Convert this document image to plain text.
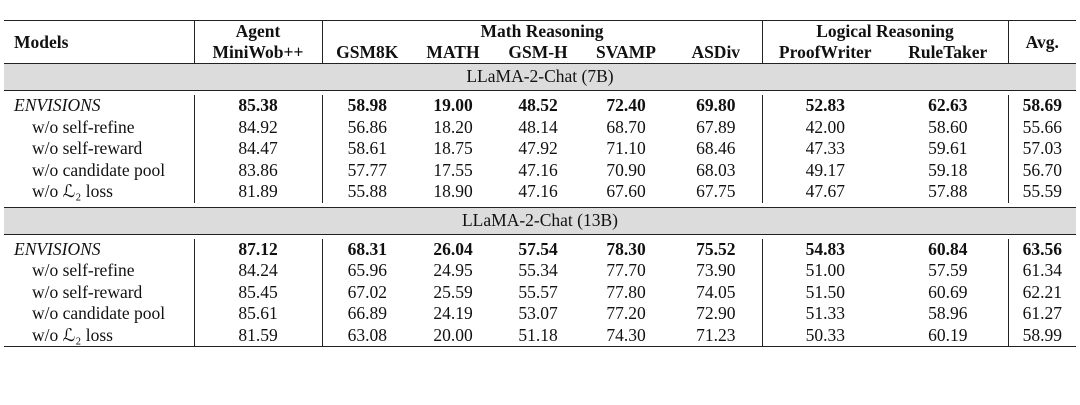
Models	Agent	Math Reasoning					Logical Reasoning		Avg.
	MiniWob++	GSM8K	MATH	GSM-H	SVAMP	ASDiv	ProofWriter	RuleTaker	
LLaMA-2-Chat (7B)									

ENVISIONS	85.38	58.98	19.00	48.52	72.40	69.80	52.83	62.63	58.69
w/o self-refine	84.92	56.86	18.20	48.14	68.70	67.89	42.00	58.60	55.66
w/o self-reward	84.47	58.61	18.75	47.92	71.10	68.46	47.33	59.61	57.03
w/o candidate pool	83.86	57.77	17.55	47.16	70.90	68.03	49.17	59.18	56.70
w/o ℒ₂ loss	81.89	55.88	18.90	47.16	67.60	67.75	47.67	57.88	55.59

LLaMA-2-Chat (13B)									

ENVISIONS	87.12	68.31	26.04	57.54	78.30	75.52	54.83	60.84	63.56
w/o self-refine	84.24	65.96	24.95	55.34	77.70	73.90	51.00	57.59	61.34
w/o self-reward	85.45	67.02	25.59	55.57	77.80	74.05	51.50	60.69	62.21
w/o candidate pool	85.61	66.89	24.19	53.07	77.20	72.90	51.33	58.96	61.27
w/o ℒ₂ loss	81.59	63.08	20.00	51.18	74.30	71.23	50.33	60.19	58.99
